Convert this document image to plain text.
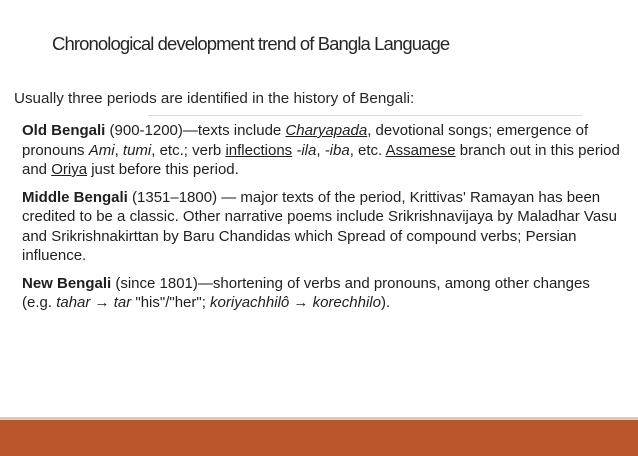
Chronological development trend of Bangla Language
Usually three periods are identified in the history of Bengali:

Old Bengali (900-1200)—texts include Charyapada, devotional songs; emergence of pronouns Ami, tumi, etc.; verb inflections -ila, -iba, etc. Assamese branch out in this period and Oriya just before this period.

Middle Bengali (1351–1800) — major texts of the period, Krittivas' Ramayan has been credited to be a classic. Other narrative poems include Srikrishnavijaya by Maladhar Vasu and Srikrishnakirttan by Baru Chandidas which Spread of compound verbs; Persian influence.

New Bengali (since 1801)—shortening of verbs and pronouns, among other changes (e.g. tahar → tar "his"/"her"; koriyachhilô → korechhilo).
